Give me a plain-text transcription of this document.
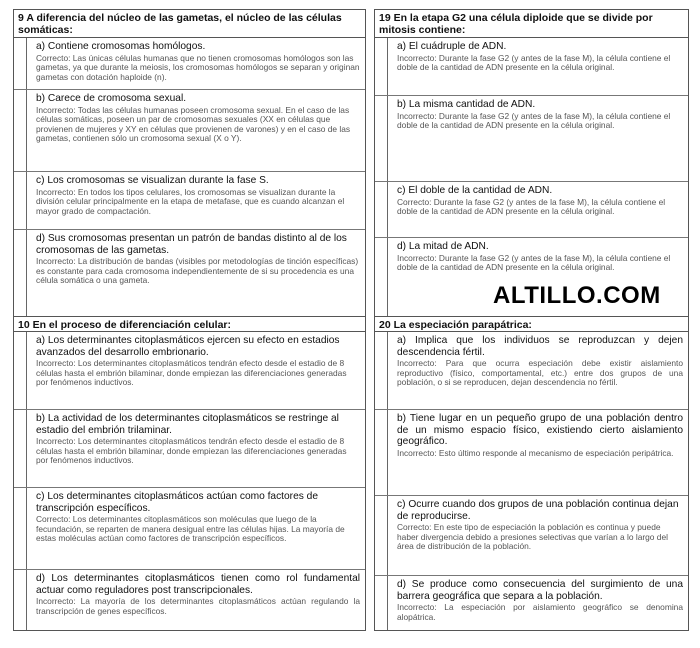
9 A diferencia del núcleo de las gametas, el núcleo de las células somáticas:
a) Contiene cromosomas homólogos.
Correcto: Las únicas células humanas que no tienen cromosomas homólogos son las gametas, ya que durante la meiosis, los cromosomas homólogos se separan y originan gametas con dotación haploide (n).
b) Carece de cromosoma sexual.
Incorrecto: Todas las células humanas poseen cromosoma sexual. En el caso de las células somáticas, poseen un par de cromosomas sexuales (XX en células que provienen de mujeres y XY en células que provienen de varones) y en el caso de las gametas, contienen sólo un cromosoma sexual (X o Y).
c) Los cromosomas se visualizan durante la fase S.
Incorrecto: En todos los tipos celulares, los cromosomas se visualizan durante la división celular principalmente en la etapa de metafase, que es cuando alcanzan el mayor grado de compactación.
d) Sus cromosomas presentan un patrón de bandas distinto al de los cromosomas de las gametas.
Incorrecto: La distribución de bandas (visibles por metodologías de tinción específicas) es constante para cada cromosoma independientemente de si su procedencia es una célula somática o una gameta.
10 En el proceso de diferenciación celular:
a) Los determinantes citoplasmáticos ejercen su efecto en estadios avanzados del desarrollo embrionario.
Incorrecto: Los determinantes citoplasmáticos tendrán efecto desde el estadio de 8 células hasta el embrión bilaminar, donde empiezan las diferenciaciones generadas por fenómenos inductivos.
b) La actividad de los determinantes citoplasmáticos se restringe al estadio del embrión trilaminar.
Incorrecto: Los determinantes citoplasmáticos tendrán efecto desde el estadio de 8 células hasta el embrión bilaminar, donde empiezan las diferenciaciones generadas por fenómenos inductivos.
c) Los determinantes citoplasmáticos actúan como factores de transcripción específicos.
Correcto: Los determinantes citoplasmáticos son moléculas que luego de la fecundación, se reparten de manera desigual entre las células hijas. La mayoría de estas moléculas actúan como factores de transcripción específicos.
d) Los determinantes citoplasmáticos tienen como rol fundamental actuar como reguladores post transcripcionales.
Incorrecto: La mayoría de los determinantes citoplasmáticos actúan regulando la transcripción de genes específicos.
19 En la etapa G2 una célula diploide que se divide por mitosis contiene:
a) El cuádruple de ADN.
Incorrecto: Durante la fase G2 (y antes de la fase M), la célula contiene el doble de la cantidad de ADN presente en la célula original.
b) La misma cantidad de ADN.
Incorrecto: Durante la fase G2 (y antes de la fase M), la célula contiene el doble de la cantidad de ADN presente en la célula original.
c) El doble de la cantidad de ADN.
Correcto: Durante la fase G2 (y antes de la fase M), la célula contiene el doble de la cantidad de ADN presente en la célula original.
d) La mitad de ADN.
Incorrecto: Durante la fase G2 (y antes de la fase M), la célula contiene el doble de la cantidad de ADN presente en la célula original.
20 La especiación parapátrica:
a) Implica que los individuos se reproduzcan y dejen descendencia fértil.
Incorrecto: Para que ocurra especiación debe existir aislamiento reproductivo (físico, comportamental, etc.) entre dos grupos de una población, o si se reproducen, dejan descendencia no fértil.
b) Tiene lugar en un pequeño grupo de una población dentro de un mismo espacio físico, existiendo cierto aislamiento geográfico.
Incorrecto: Esto último responde al mecanismo de especiación peripátrica.
c) Ocurre cuando dos grupos de una población continua dejan de reproducirse.
Correcto: En este tipo de especiación la población es continua y puede haber divergencia debido a presiones selectivas que varían a lo largo del área de distribución de la población.
d) Se produce como consecuencia del surgimiento de una barrera geográfica que separa a la población.
Incorrecto: La especiación por aislamiento geográfico se denomina alopátrica.
ALTILLO.COM
